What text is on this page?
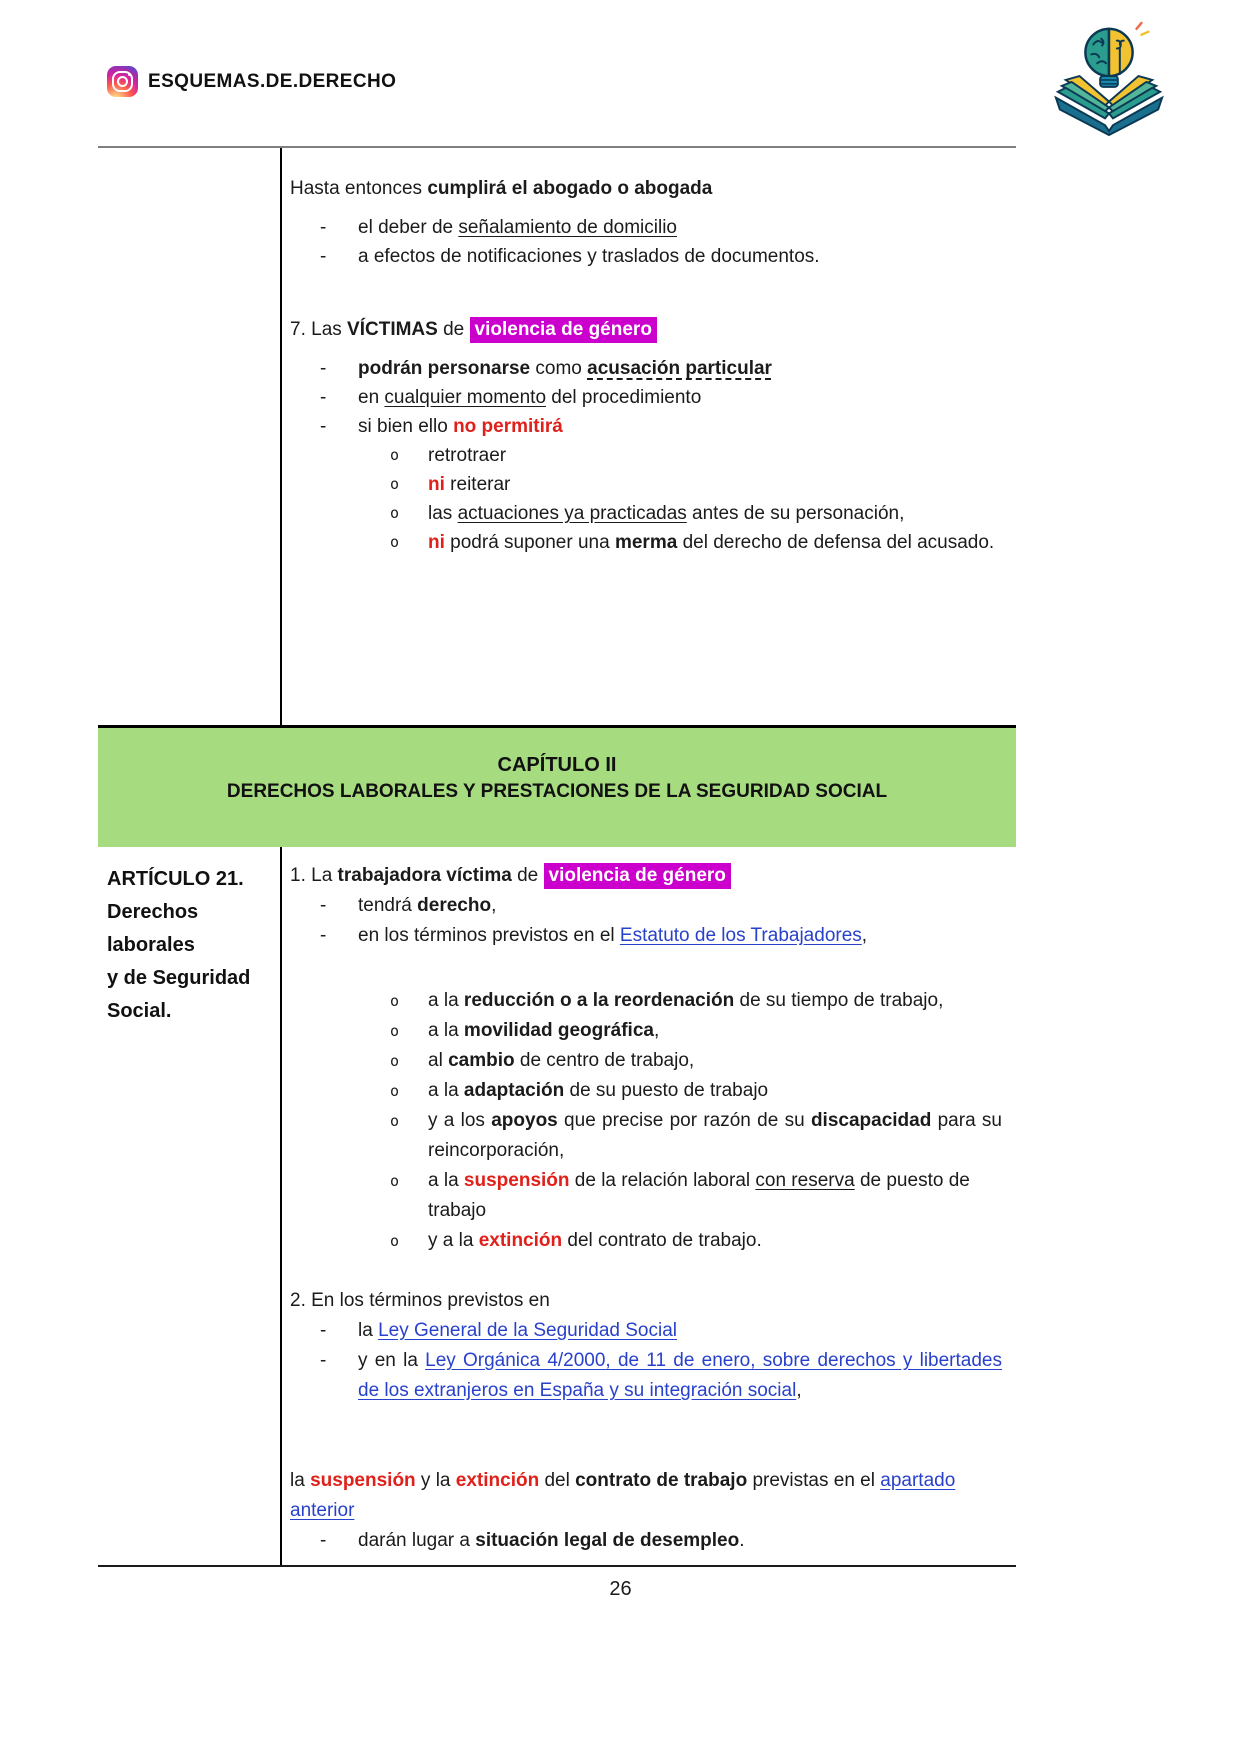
ESQUEMAS.DE.DERECHO
Hasta entonces cumplirá el abogado o abogada
-	el deber de señalamiento de domicilio
-	a efectos de notificaciones y traslados de documentos.
7. Las VÍCTIMAS de violencia de género
-	podrán personarse como acusación particular
-	en cualquier momento del procedimiento
-	si bien ello no permitirá
o	retrotraer
o	ni reiterar
o	las actuaciones ya practicadas antes de su personación,
o	ni podrá suponer una merma del derecho de defensa del acusado.
CAPÍTULO II
DERECHOS LABORALES Y PRESTACIONES DE LA SEGURIDAD SOCIAL
ARTÍCULO 21.
Derechos laborales
y de Seguridad
Social.
1. La trabajadora víctima de violencia de género
-	tendrá derecho,
-	en los términos previstos en el Estatuto de los Trabajadores,
o	a la reducción o a la reordenación de su tiempo de trabajo,
o	a la movilidad geográfica,
o	al cambio de centro de trabajo,
o	a la adaptación de su puesto de trabajo
o	y a los apoyos que precise por razón de su discapacidad para su reincorporación,
o	a la suspensión de la relación laboral con reserva de puesto de trabajo
o	y a la extinción del contrato de trabajo.
2. En los términos previstos en
-	la Ley General de la Seguridad Social
-	y en la Ley Orgánica 4/2000, de 11 de enero, sobre derechos y libertades de los extranjeros en España y su integración social,
la suspensión y la extinción del contrato de trabajo previstas en el apartado anterior
-	darán lugar a situación legal de desempleo.
26
